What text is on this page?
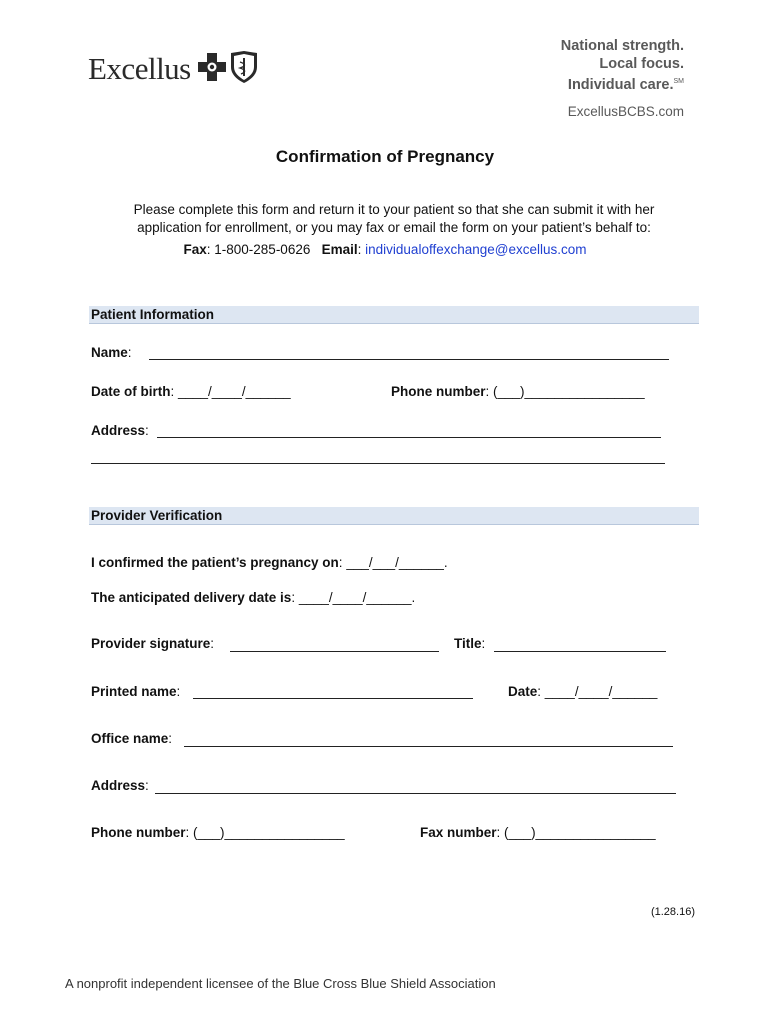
Excellus
National strength.
Local focus.
Individual care.℠
ExcellusBCBS.com
Confirmation of Pregnancy
Please complete this form and return it to your patient so that she can submit it with her
application for enrollment, or you may fax or email the form on your patient’s behalf to:
Fax: 1-800-285-0626 Email: individualoffexchange@excellus.com
Patient Information
Name:
Date of birth: ____/____/______	Phone number: (___)________________
Address:
Provider Verification
I confirmed the patient’s pregnancy on: ___/___/______.
The anticipated delivery date is: ____/____/______.
Provider signature:	Title:
Printed name:	Date: ____/____/______
Office name:
Address:
Phone number: (___)________________	Fax number: (___)________________
(1.28.16)
A nonprofit independent licensee of the Blue Cross Blue Shield Association
